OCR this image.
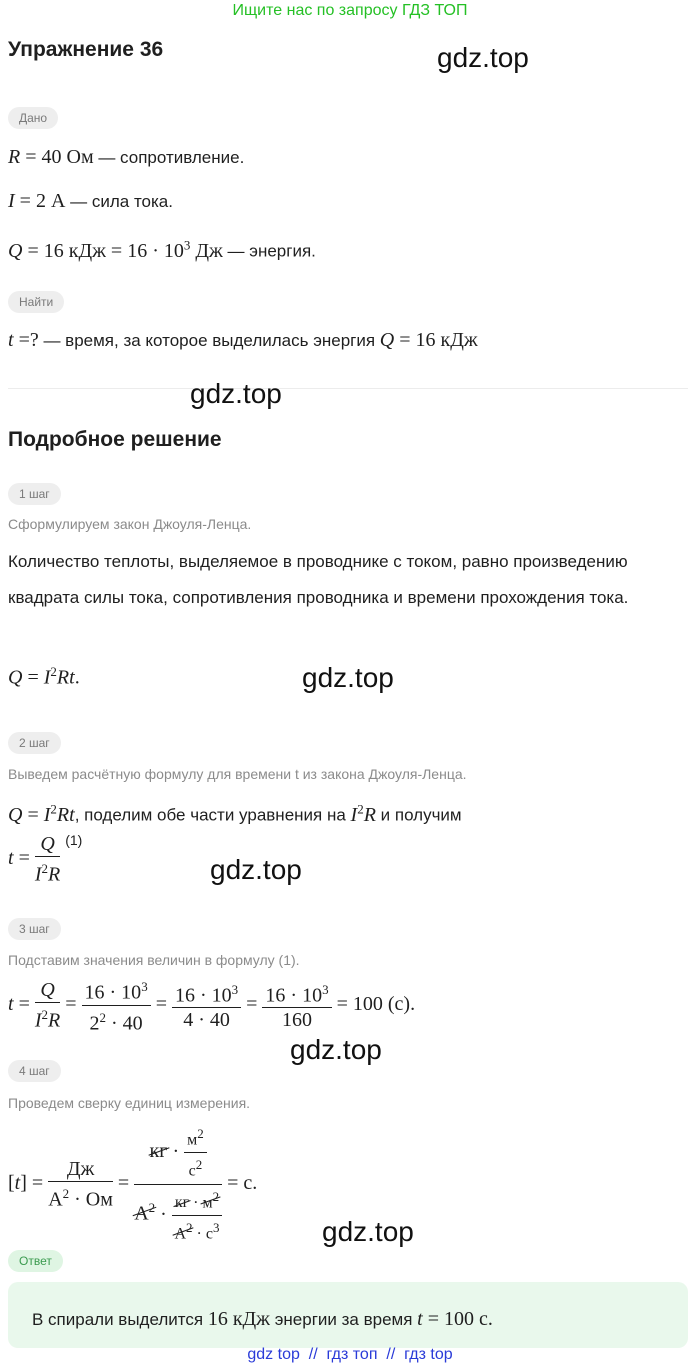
Ищите нас по запросу ГДЗ ТОП
Упражнение 36	gdz.top
Дано
R = 40 Ом — сопротивление.
I = 2 А — сила тока.
Q = 16 кДж = $16 \cdot 10^3$ Дж — энергия.
Найти
t =? — время, за которое выделилась энергия Q = 16 кДж
gdz.top
Подробное решение
1 шаг
Сформулируем закон Джоуля-Ленца.
Количество теплоты, выделяемое в проводнике с током, равно произведению квадрата силы тока, сопротивления проводника и времени прохождения тока.
$Q = I^2Rt$.	gdz.top
2 шаг
Выведем расчётную формулу для времени t из закона Джоуля-Ленца.
$Q = I^2Rt$, поделим обе части уравнения на $I^2R$ и получим
$t = \frac{Q}{I^2R} ^{(1)}$
gdz.top
3 шаг
Подставим значения величин в формулу (1).
$t = \frac{Q}{I^2R} = \frac{16 \cdot 10^3}{2^2 \cdot 40} = \frac{16 \cdot 10^3}{4 \cdot 40} = \frac{16 \cdot 10^3}{160} = 100$ (с).
gdz.top
4 шаг
Проведем сверку единиц измерения.
$[t] = \frac{Дж}{А^2 \cdot Ом} = \frac{кг \cdot \frac{м^2}{с^2}}{А^2 \cdot \frac{кг \cdot м^2}{А^2 \cdot с^3}} = с$.
gdz.top
Ответ
В спирали выделится 16 кДж энергии за время t = 100 с.
gdz top  //  гдз топ  //  гдз top
